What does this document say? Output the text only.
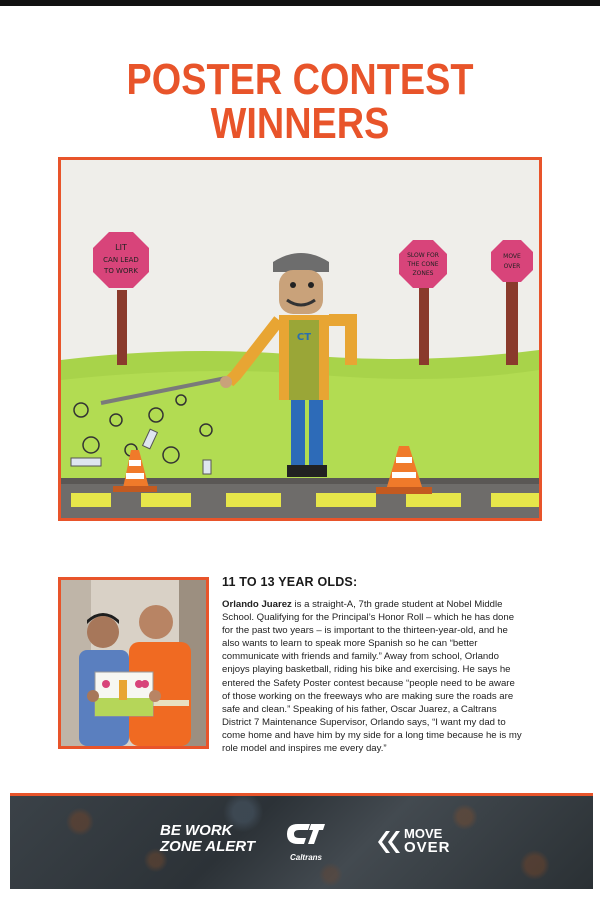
POSTER CONTEST WINNERS
LIT
CAN LEAD
TO WORK
SLOW FOR
THE CONE
ZONES
MOVE
OVER
CT
11 TO 13 YEAR OLDS:
Orlando Juarez is a straight-A, 7th grade student at Nobel Middle School. Qualifying for the Principal’s Honor Roll – which he has done for the past two years – is important to the thirteen-year-old, and he also wants to learn to speak more Spanish so he can “better communicate with friends and family.” Away from school, Orlando enjoys playing basketball, riding his bike and exercising. He says he entered the Safety Poster contest because “people need to be aware of those working on the freeways who are making sure the roads are safe and clean.” Speaking of his father, Oscar Juarez, a Caltrans District 7 Maintenance Supervisor, Orlando says, “I want my dad to come home and have him by my side for a long time because he is my role model and inspires me every day.”
BE WORK
ZONE ALERT
Caltrans
MOVE
OVER
